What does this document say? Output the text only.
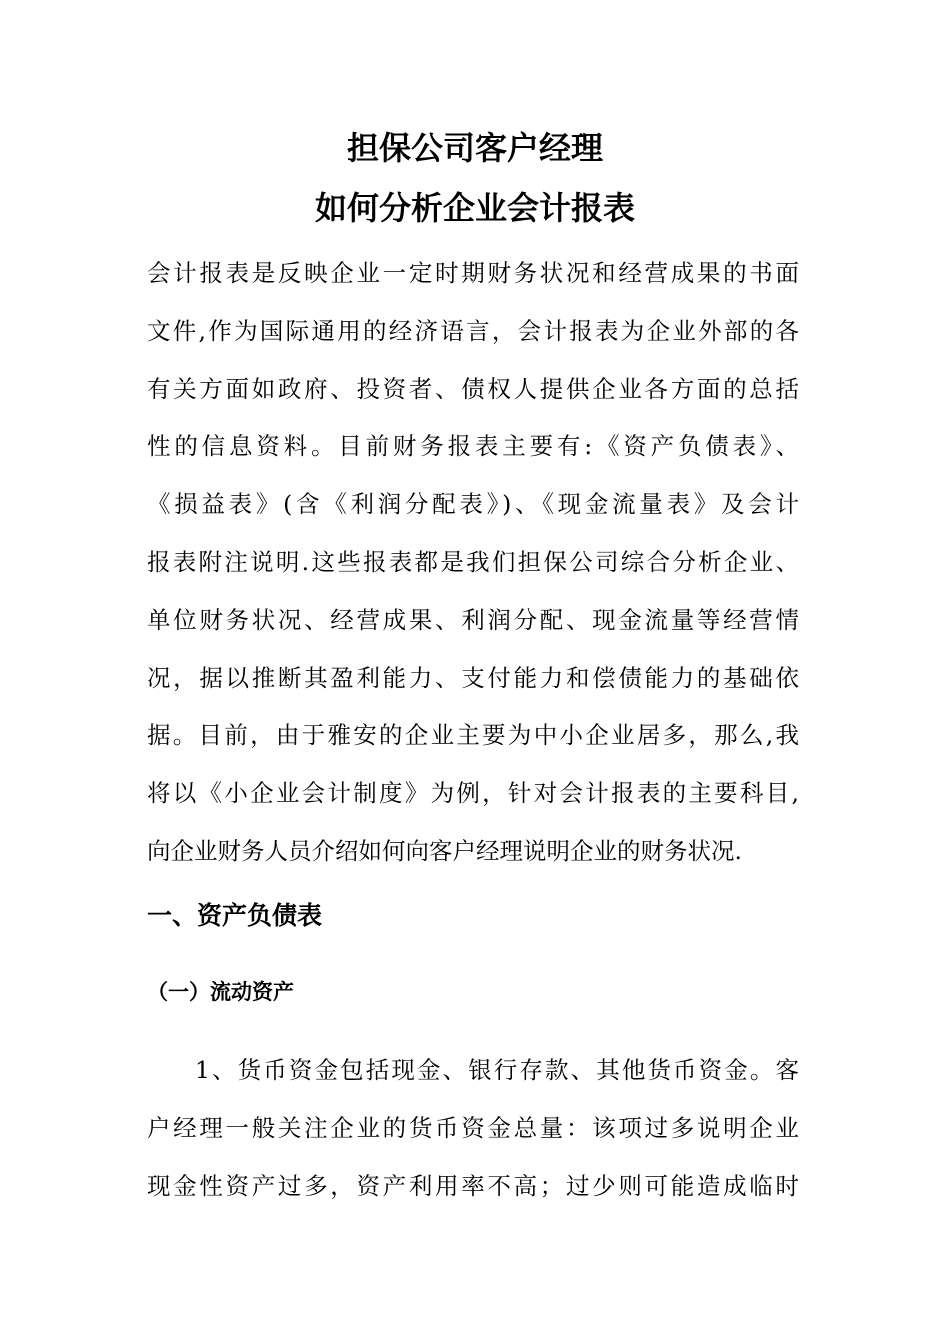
担保公司客户经理
如何分析企业会计报表
会计报表是反映企业一定时期财务状况和经营成果的书面
文件,作为国际通用的经济语言，会计报表为企业外部的各
有关方面如政府、投资者、债权人提供企业各方面的总括
性的信息资料。目前财务报表主要有:《资产负债表》、
《损益表》(含《利润分配表》)、《现金流量表》及会计
报表附注说明.这些报表都是我们担保公司综合分析企业、
单位财务状况、经营成果、利润分配、现金流量等经营情
况，据以推断其盈利能力、支付能力和偿债能力的基础依
据。目前，由于雅安的企业主要为中小企业居多，那么,我
将以《小企业会计制度》为例，针对会计报表的主要科目,
向企业财务人员介绍如何向客户经理说明企业的财务状况.
一、资产负债表
（一）流动资产
1、货币资金包括现金、银行存款、其他货币资金。客
户经理一般关注企业的货币资金总量：该项过多说明企业
现金性资产过多，资产利用率不高；过少则可能造成临时
